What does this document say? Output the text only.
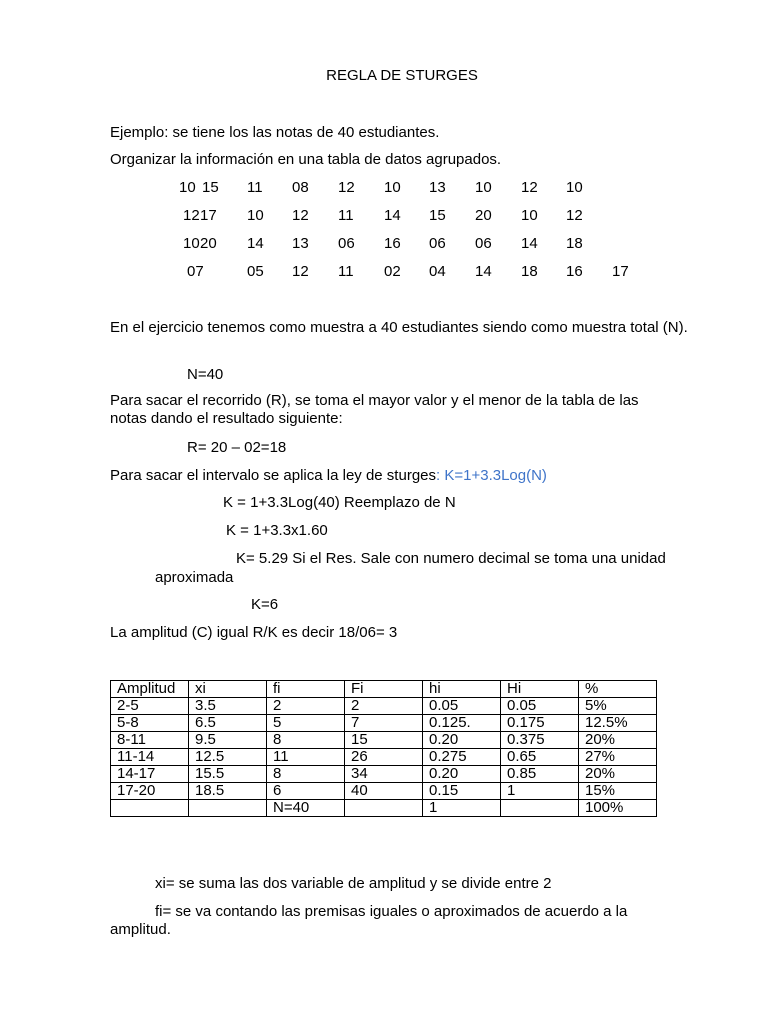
REGLA DE STURGES
Ejemplo: se tiene los las notas de 40 estudiantes.
Organizar la información en una tabla de datos agrupados.
10 15 11 08 12 10 13 10 12 10
12 17 10 12 11 14 15 20 10 12
10 20 14 13 06 16 06 06 14 18
07	05 12 11 02 04 14 18 16 17
En el ejercicio tenemos como muestra a 40 estudiantes siendo como muestra total (N).
N=40
Para sacar el recorrido (R), se toma el mayor valor y el menor de la tabla de las notas dando el resultado siguiente:
R= 20 – 02=18
Para sacar el intervalo se aplica la ley de sturges: K=1+3.3Log(N)
K = 1+3.3Log(40) Reemplazo de N
K = 1+3.3x1.60
K= 5.29 Si el Res. Sale con numero decimal se toma una unidad
aproximada
K=6
La amplitud (C) igual R/K es decir 18/06= 3
Amplitud	xi	fi	Fi	hi	Hi	%
2-5	3.5	2	2	0.05	0.05	5%
5-8	6.5	5	7	0.125.	0.175	12.5%
8-11	9.5	8	15	0.20	0.375	20%
11-14	12.5	11	26	0.275	0.65	27%
14-17	15.5	8	34	0.20	0.85	20%
17-20	18.5	6	40	0.15	1	15%
		N=40		1		100%
xi= se suma las dos variable de amplitud y se divide entre 2
fi= se va contando las premisas iguales o aproximados de acuerdo a la amplitud.
